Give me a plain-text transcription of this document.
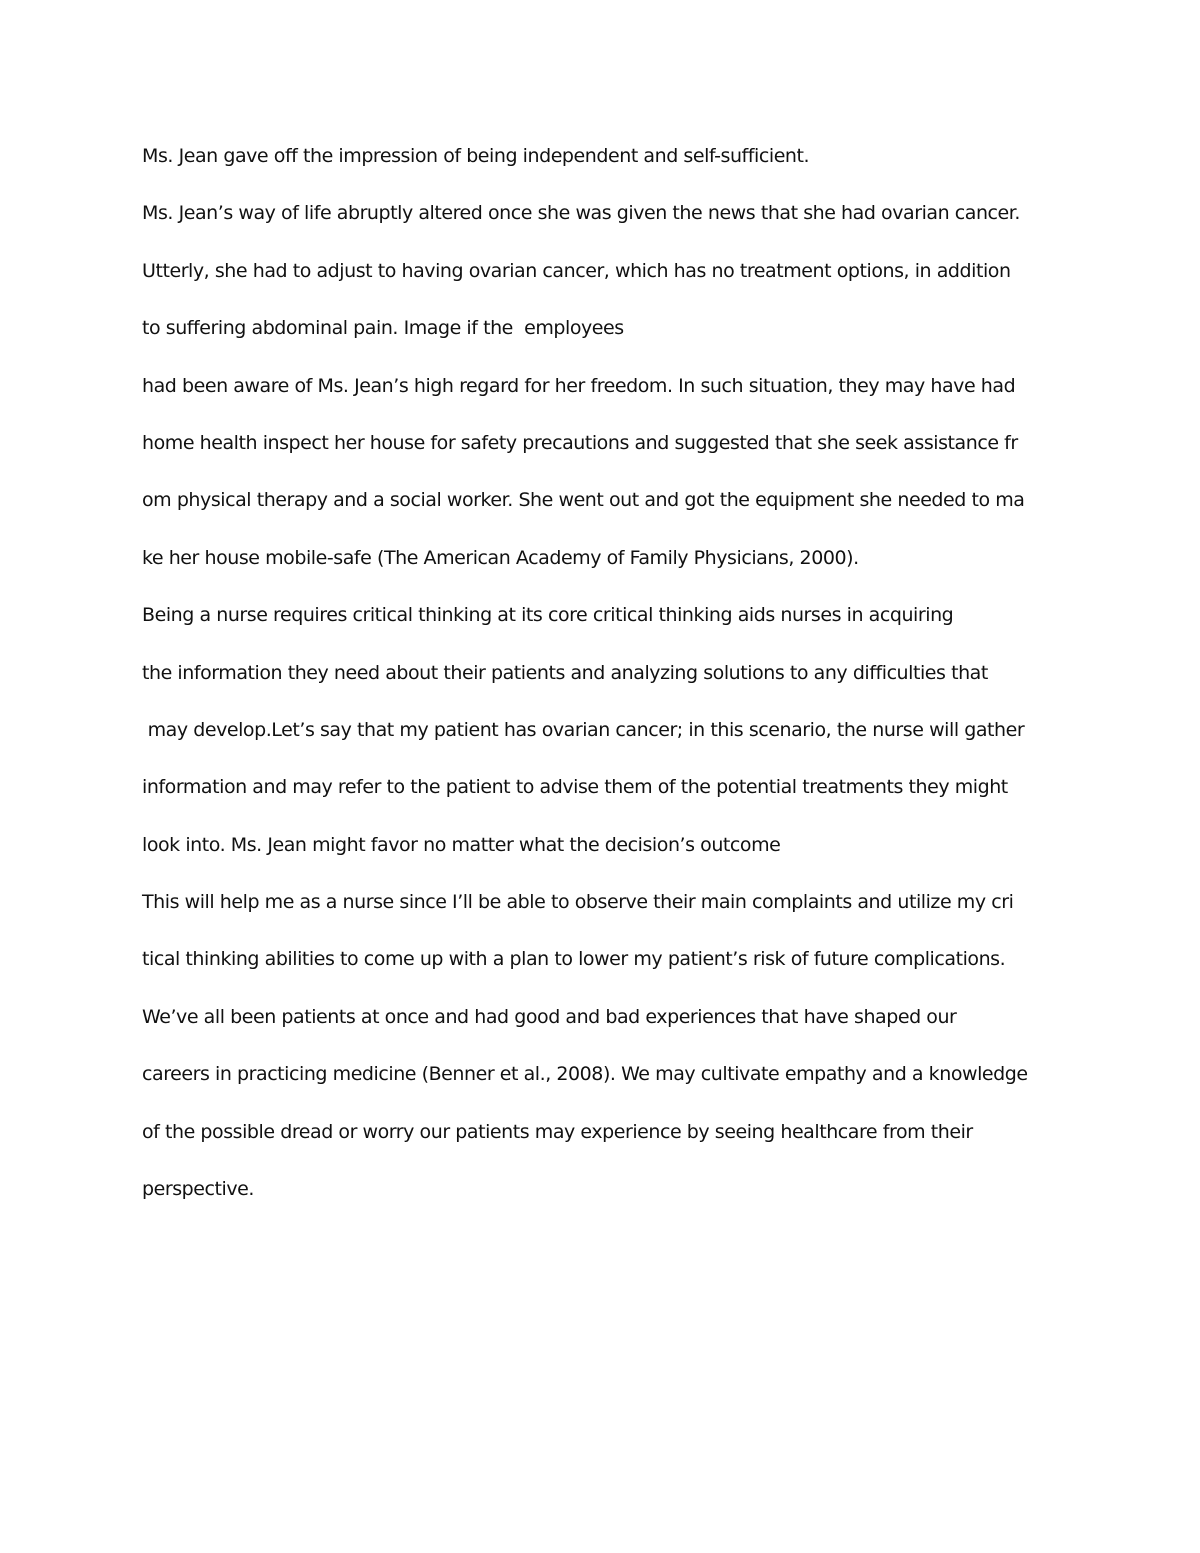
Ms. Jean gave off the impression of being independent and self-sufficient.
Ms. Jean’s way of life abruptly altered once she was given the news that she had ovarian cancer.
Utterly, she had to adjust to having ovarian cancer, which has no treatment options, in addition
to suffering abdominal pain. Image if the  employees
had been aware of Ms. Jean’s high regard for her freedom. In such situation, they may have had
home health inspect her house for safety precautions and suggested that she seek assistance fr
om physical therapy and a social worker. She went out and got the equipment she needed to ma
ke her house mobile-safe (The American Academy of Family Physicians, 2000).
Being a nurse requires critical thinking at its core critical thinking aids nurses in acquiring
the information they need about their patients and analyzing solutions to any difficulties that
may develop.Let’s say that my patient has ovarian cancer; in this scenario, the nurse will gather
information and may refer to the patient to advise them of the potential treatments they might
look into. Ms. Jean might favor no matter what the decision’s outcome
This will help me as a nurse since I’ll be able to observe their main complaints and utilize my cri
tical thinking abilities to come up with a plan to lower my patient’s risk of future complications.
We’ve all been patients at once and had good and bad experiences that have shaped our
careers in practicing medicine (Benner et al., 2008). We may cultivate empathy and a knowledge
of the possible dread or worry our patients may experience by seeing healthcare from their
perspective.
